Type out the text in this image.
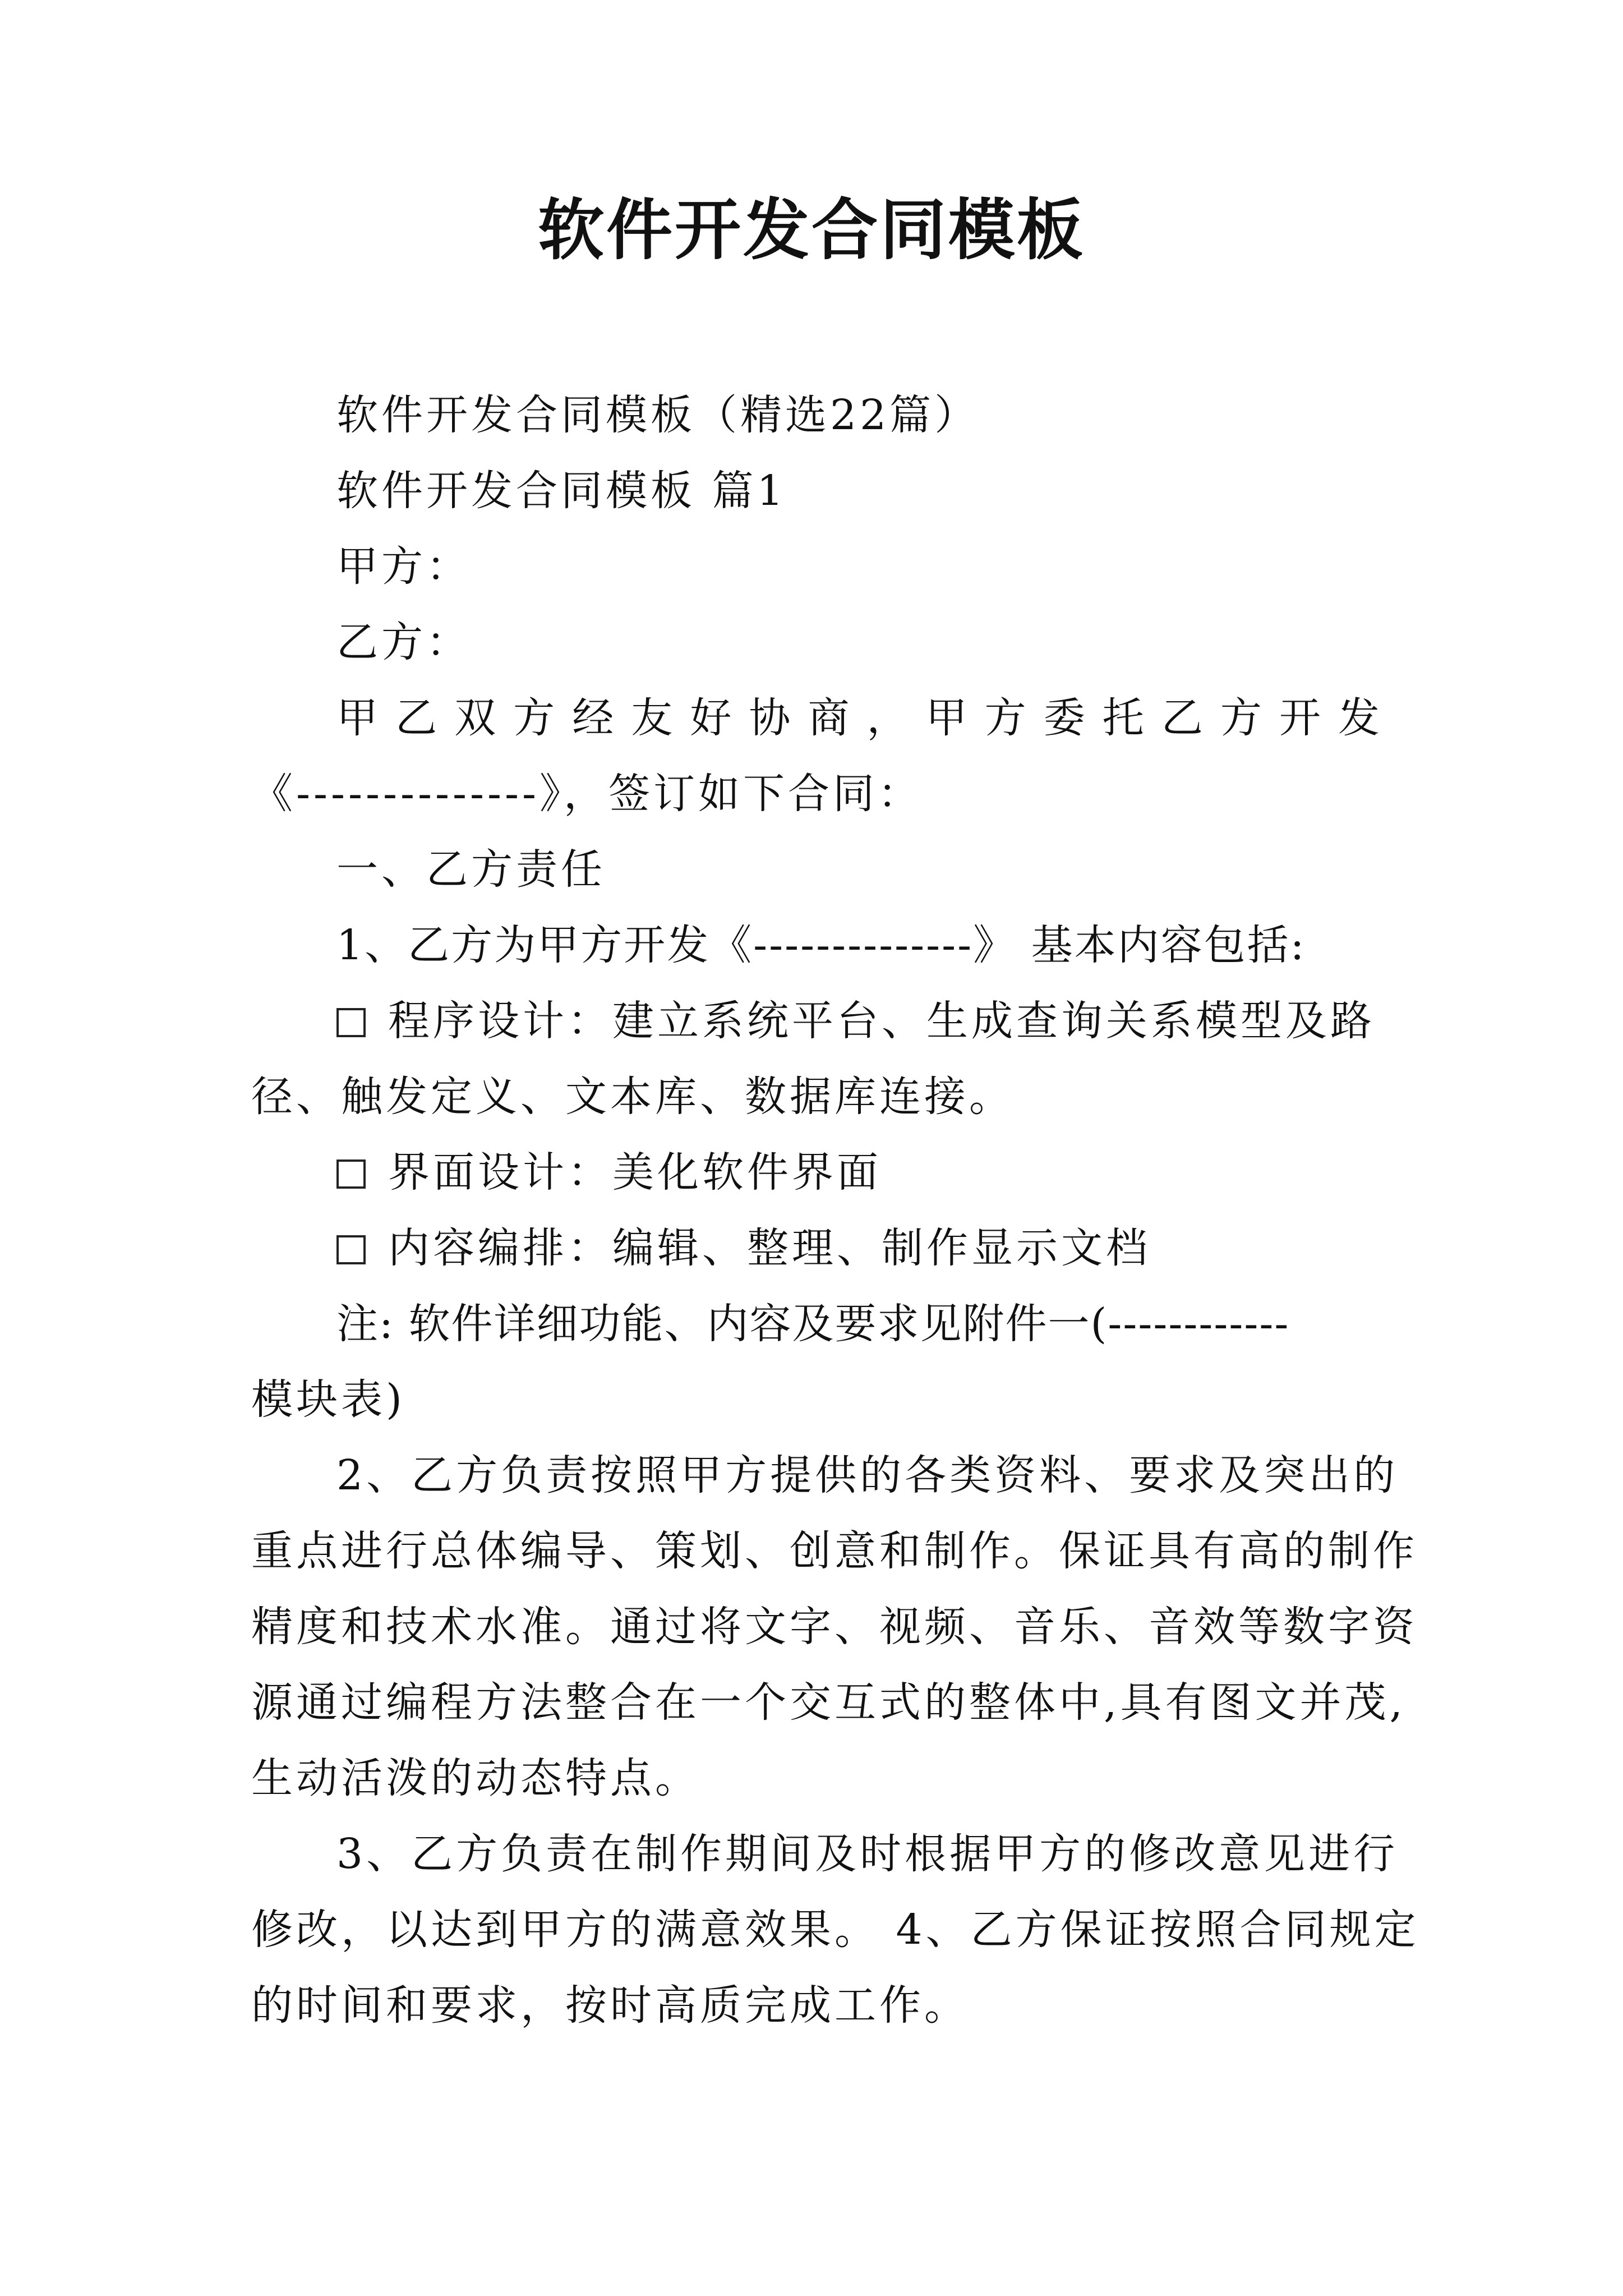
软件开发合同模板
软件开发合同模板（精选22篇）
软件开发合同模板 篇1
甲方：
乙方：
甲乙双方经友好协商，甲方委托乙方开发
《--------------》，签订如下合同：
一、乙方责任
1、乙方为甲方开发《--------------》 基本内容包括:
程序设计：建立系统平台、生成查询关系模型及路
径、触发定义、文本库、数据库连接。
界面设计：美化软件界面
内容编排：编辑、整理、制作显示文档
注: 软件详细功能、内容及要求见附件一(------------
模块表)
2、乙方负责按照甲方提供的各类资料、要求及突出的
重点进行总体编导、策划、创意和制作。保证具有高的制作
精度和技术水准。通过将文字、视频、音乐、音效等数字资
源通过编程方法整合在一个交互式的整体中,具有图文并茂,
生动活泼的动态特点。
3、乙方负责在制作期间及时根据甲方的修改意见进行
修改，以达到甲方的满意效果。 4、乙方保证按照合同规定
的时间和要求，按时高质完成工作。
